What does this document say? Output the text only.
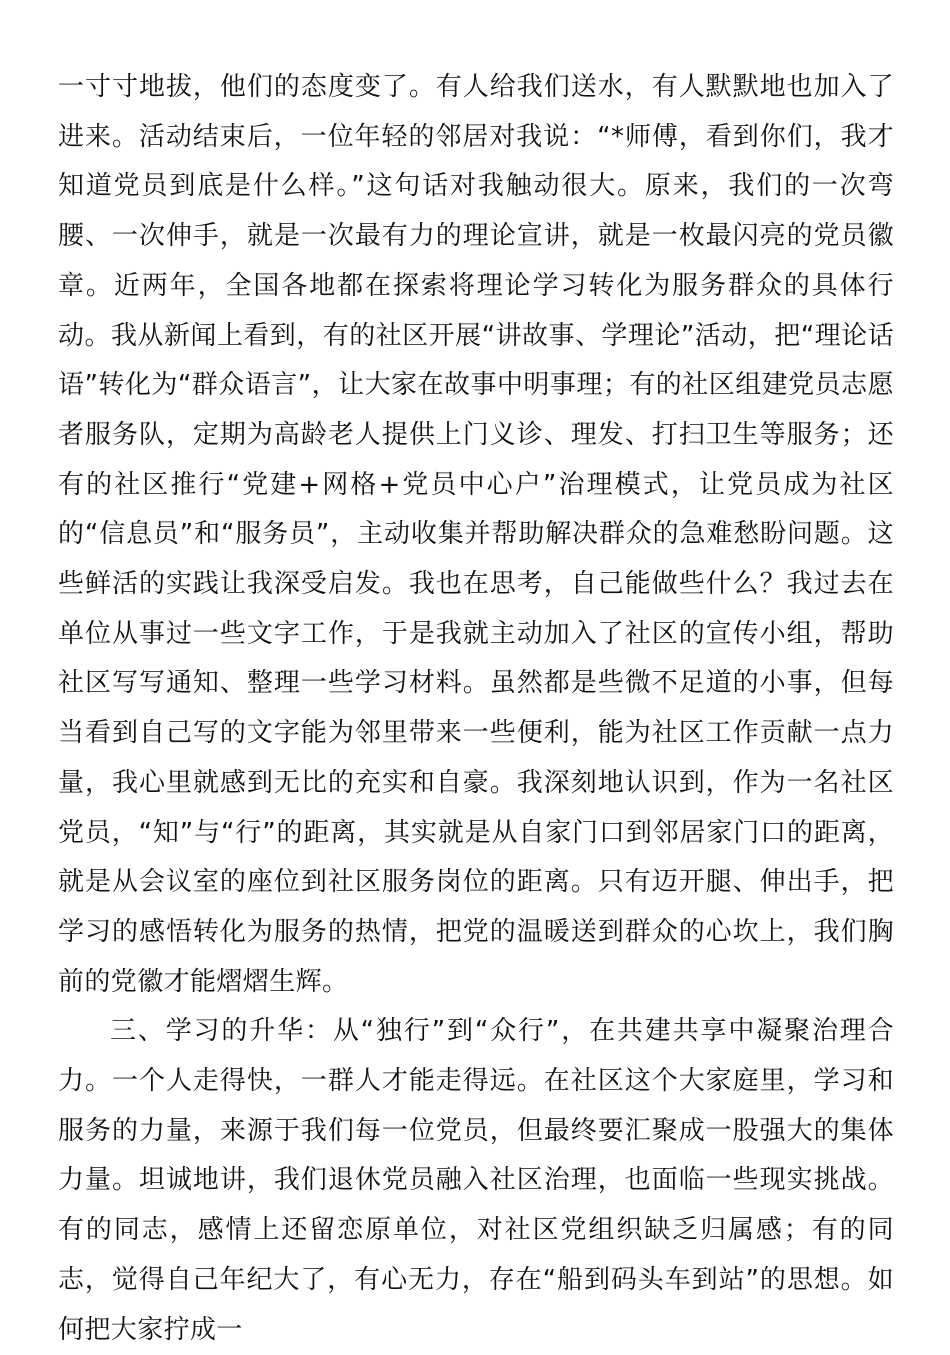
一寸寸地拔，他们的态度变了。有人给我们送水，有人默默地也加入了进来。活动结束后，一位年轻的邻居对我说：“*师傅，看到你们，我才知道党员到底是什么样。”这句话对我触动很大。原来，我们的一次弯腰、一次伸手，就是一次最有力的理论宣讲，就是一枚最闪亮的党员徽章。近两年，全国各地都在探索将理论学习转化为服务群众的具体行动。我从新闻上看到，有的社区开展“讲故事、学理论”活动，把“理论话语”转化为“群众语言”，让大家在故事中明事理；有的社区组建党员志愿者服务队，定期为高龄老人提供上门义诊、理发、打扫卫生等服务；还有的社区推行“党建+网格+党员中心户”治理模式，让党员成为社区的“信息员”和“服务员”，主动收集并帮助解决群众的急难愁盼问题。这些鲜活的实践让我深受启发。我也在思考，自己能做些什么？我过去在单位从事过一些文字工作，于是我就主动加入了社区的宣传小组，帮助社区写写通知、整理一些学习材料。虽然都是些微不足道的小事，但每当看到自己写的文字能为邻里带来一些便利，能为社区工作贡献一点力量，我心里就感到无比的充实和自豪。我深刻地认识到，作为一名社区党员，“知”与“行”的距离，其实就是从自家门口到邻居家门口的距离，就是从会议室的座位到社区服务岗位的距离。只有迈开腿、伸出手，把学习的感悟转化为服务的热情，把党的温暖送到群众的心坎上，我们胸前的党徽才能熠熠生辉。

三、学习的升华：从“独行”到“众行”，在共建共享中凝聚治理合力。一个人走得快，一群人才能走得远。在社区这个大家庭里，学习和服务的力量，来源于我们每一位党员，但最终要汇聚成一股强大的集体力量。坦诚地讲，我们退休党员融入社区治理，也面临一些现实挑战。有的同志，感情上还留恋原单位，对社区党组织缺乏归属感；有的同志，觉得自己年纪大了，有心无力，存在“船到码头车到站”的思想。如何把大家拧成一
